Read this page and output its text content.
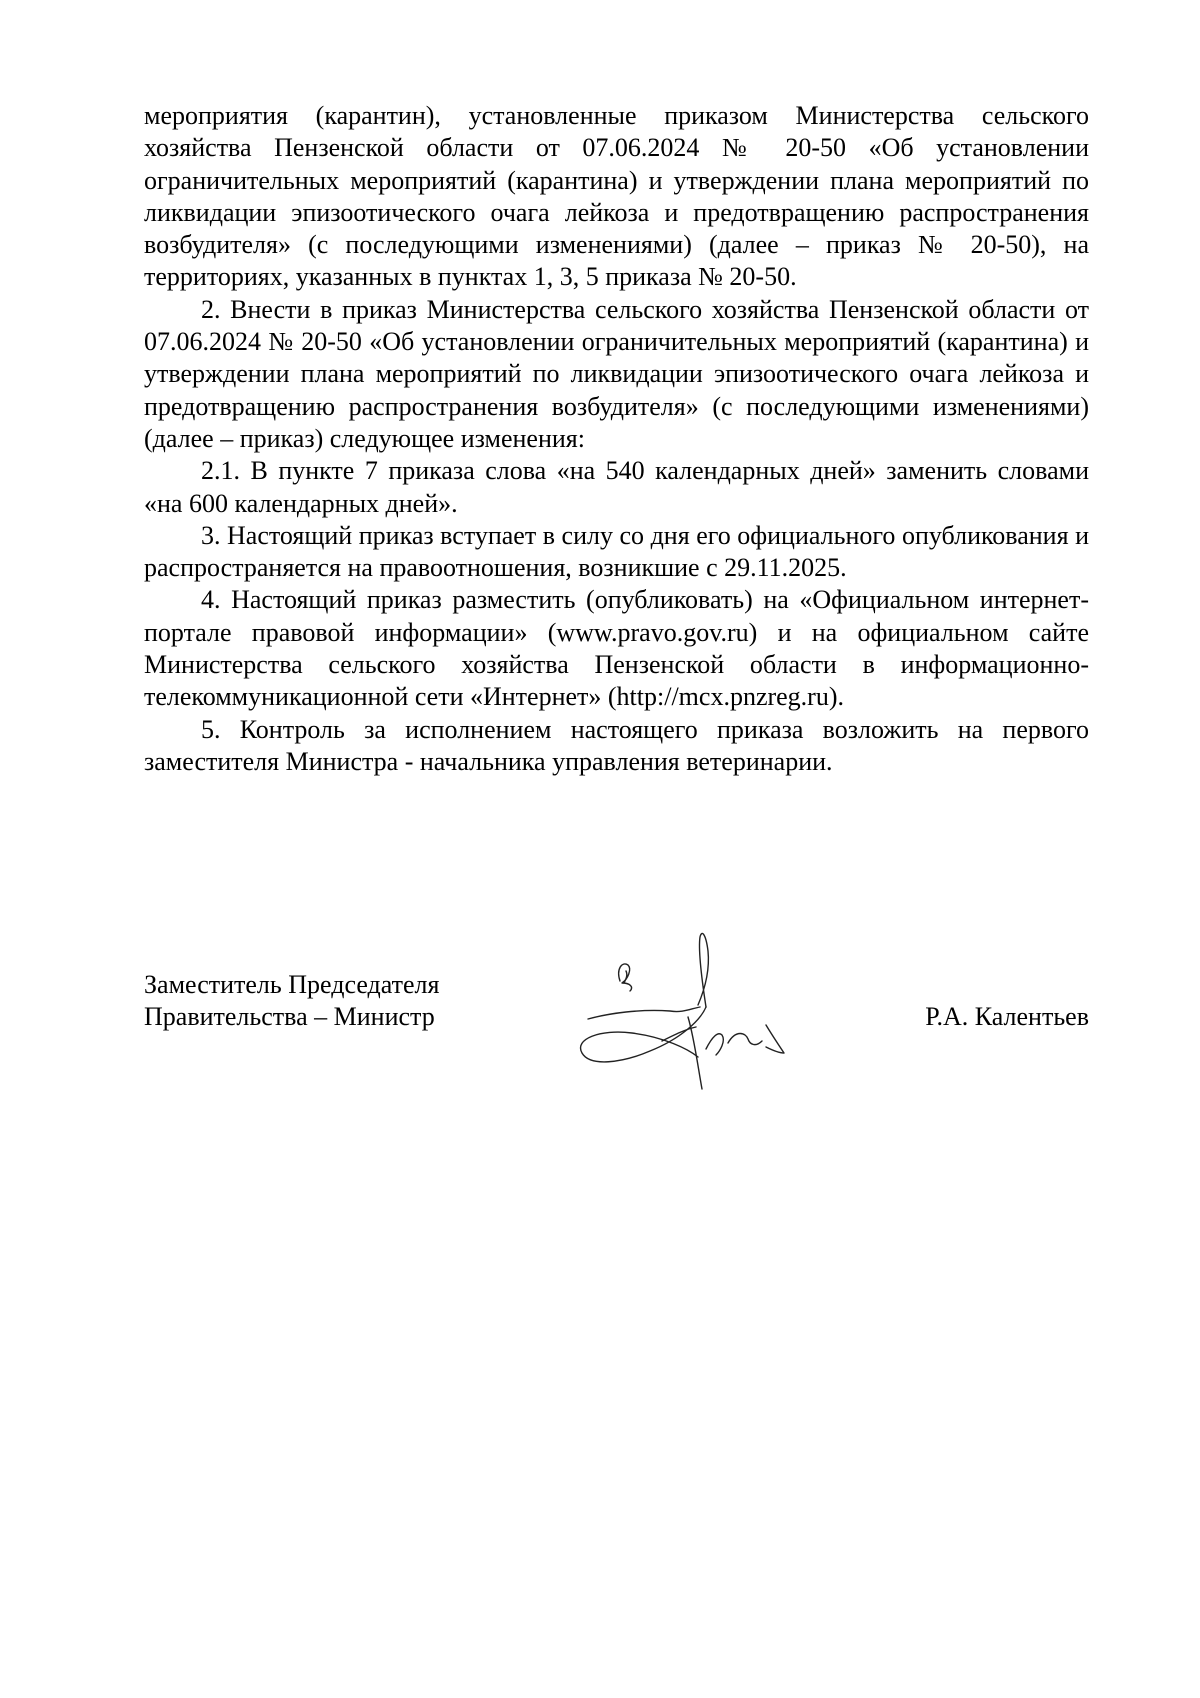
мероприятия (карантин), установленные приказом Министерства сельского хозяйства Пензенской области от 07.06.2024 № 20-50 «Об установлении ограничительных мероприятий (карантина) и утверждении плана мероприятий по ликвидации эпизоотического очага лейкоза и предотвращению распространения возбудителя» (с последующими изменениями) (далее – приказ № 20-50), на территориях, указанных в пунктах 1, 3, 5 приказа № 20-50.

2. Внести в приказ Министерства сельского хозяйства Пензенской области от 07.06.2024 № 20-50 «Об установлении ограничительных мероприятий (карантина) и утверждении плана мероприятий по ликвидации эпизоотического очага лейкоза и предотвращению распространения возбудителя» (с последующими изменениями) (далее – приказ) следующее изменения:

2.1. В пункте 7 приказа слова «на 540 календарных дней» заменить словами «на 600 календарных дней».

3. Настоящий приказ вступает в силу со дня его официального опубликования и распространяется на правоотношения, возникшие с 29.11.2025.

4. Настоящий приказ разместить (опубликовать) на «Официальном интернет-портале правовой информации» (www.pravo.gov.ru) и на официальном сайте Министерства сельского хозяйства Пензенской области в информационно-телекоммуникационной сети «Интернет» (http://mcx.pnzreg.ru).

5. Контроль за исполнением настоящего приказа возложить на первого заместителя Министра - начальника управления ветеринарии.

Заместитель Председателя
Правительства – Министр	Р.А. Калентьев
